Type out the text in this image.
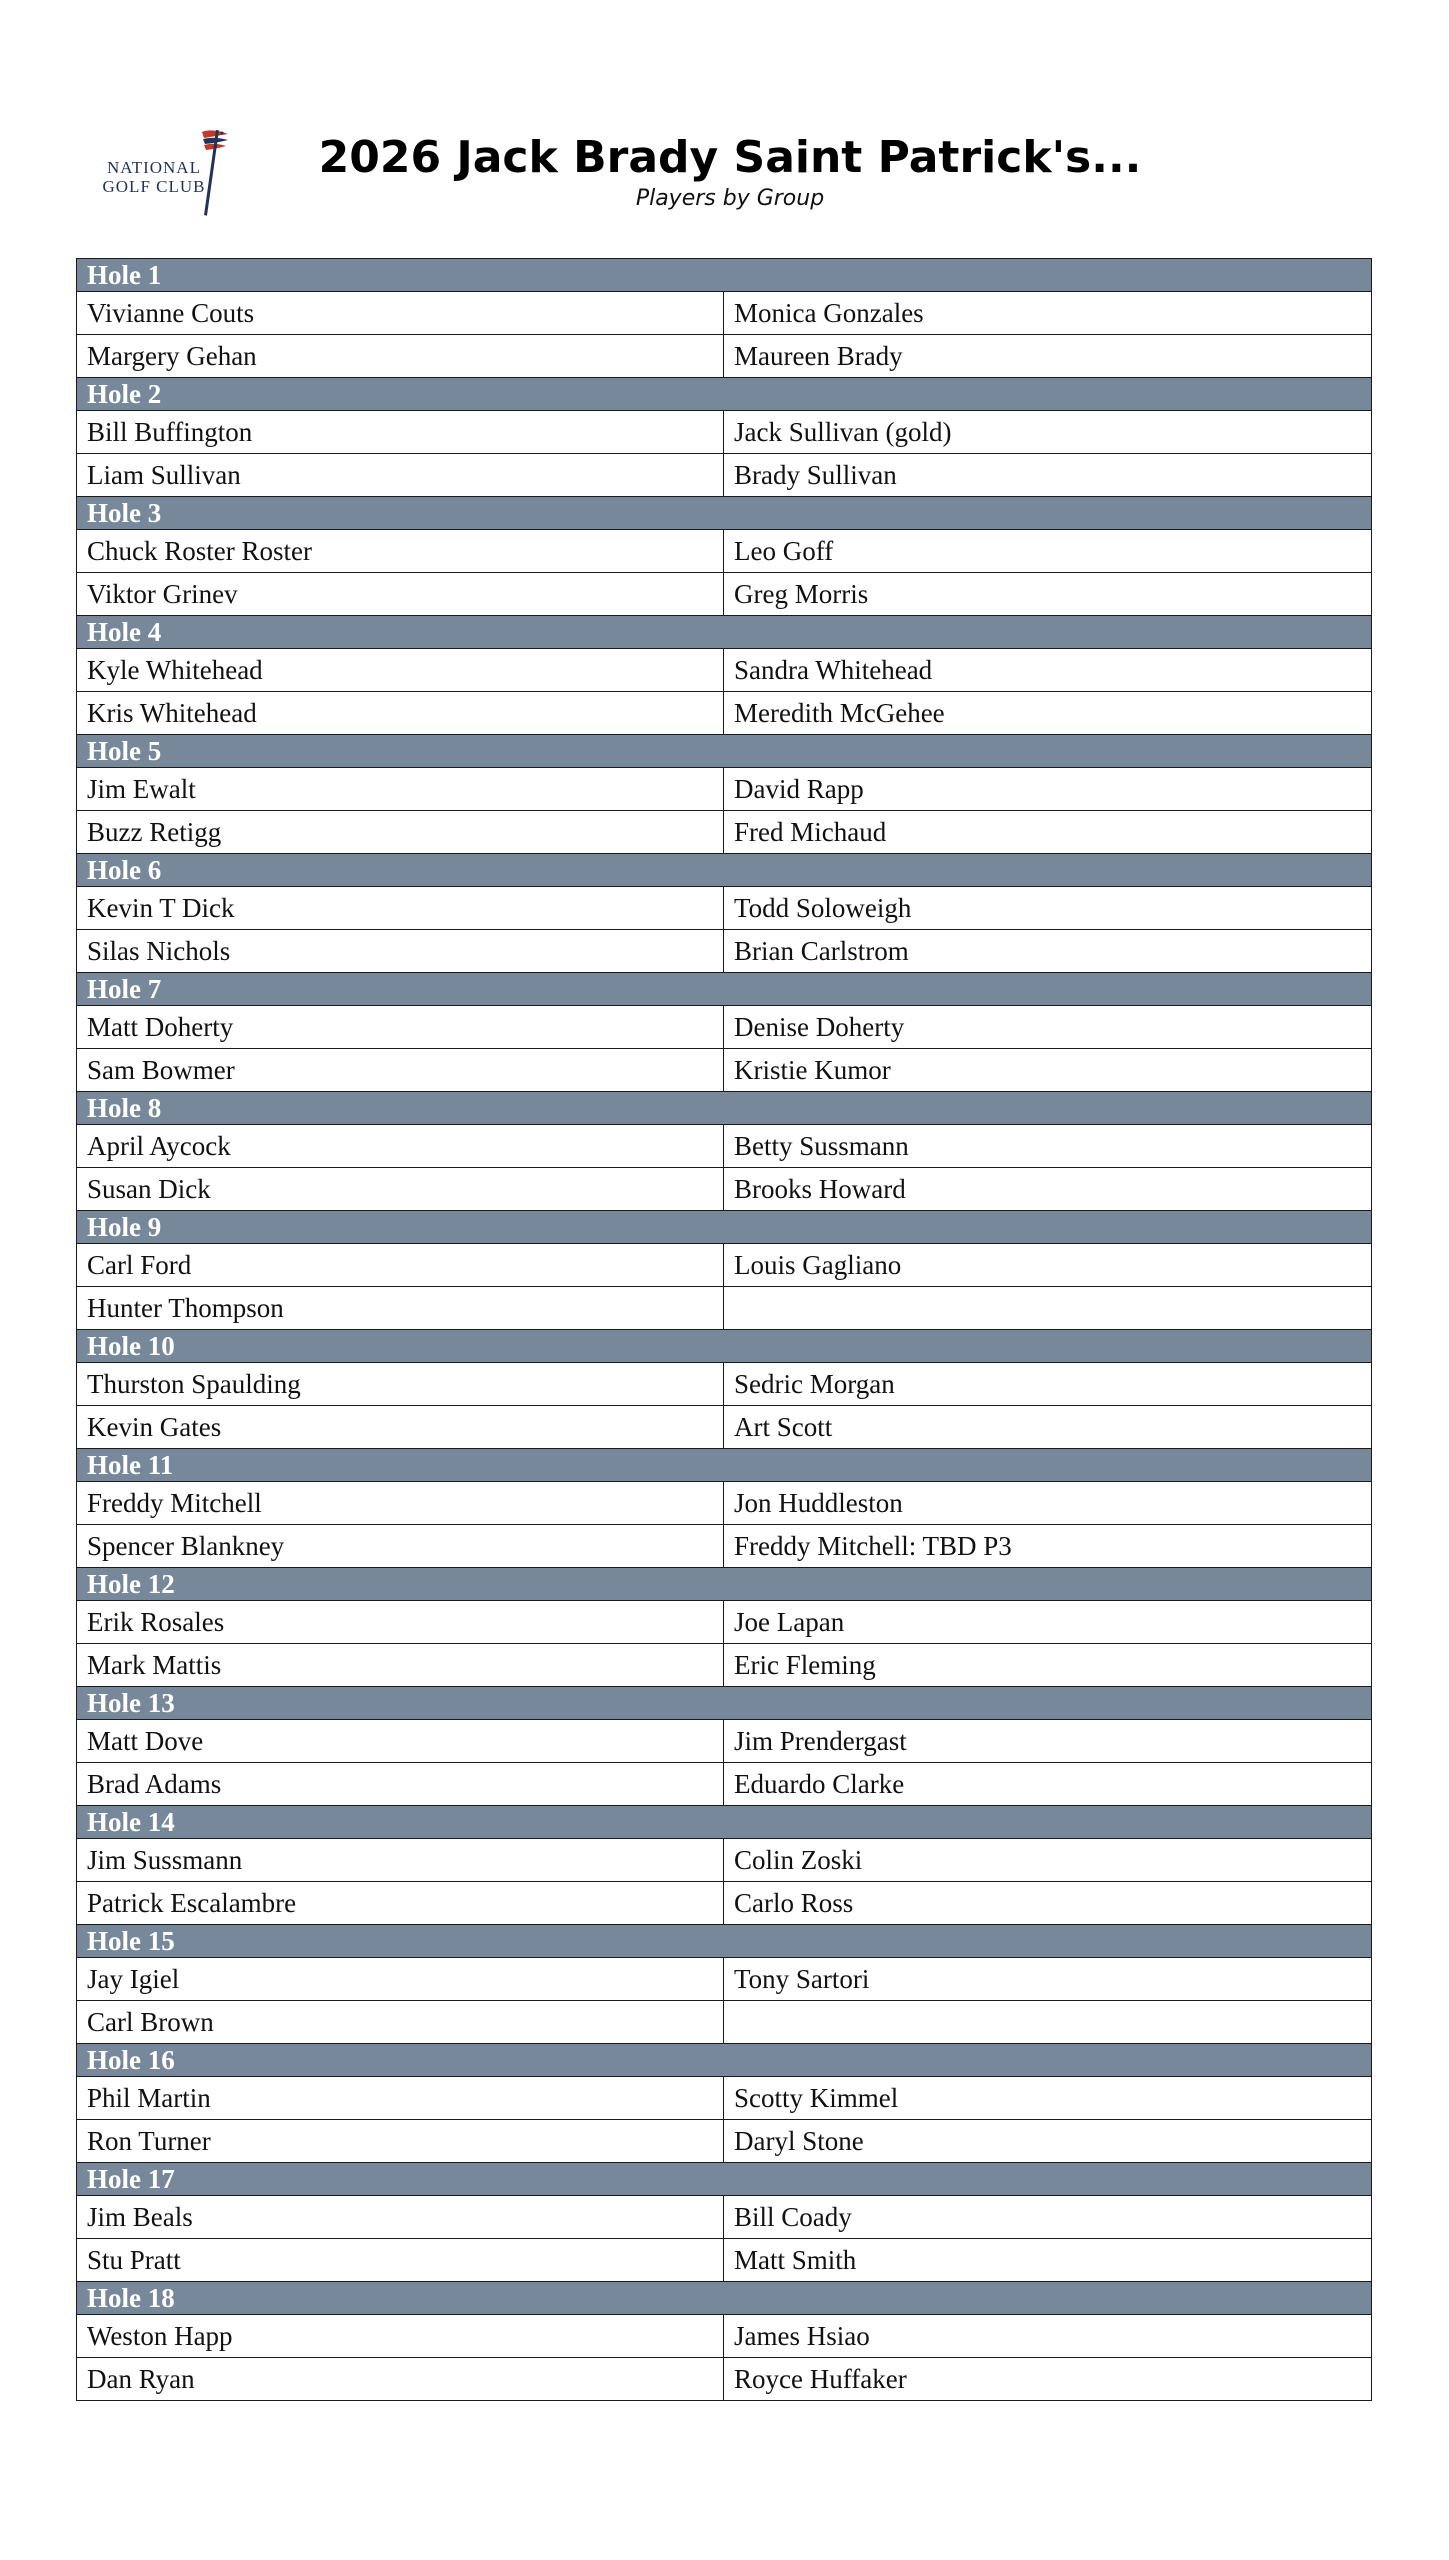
NATIONAL
GOLF CLUB
2026 Jack Brady Saint Patrick's...
Players by Group
Hole 1	
Vivianne Couts	Monica Gonzales
Margery Gehan	Maureen Brady
Hole 2	
Bill Buffington	Jack Sullivan (gold)
Liam Sullivan	Brady Sullivan
Hole 3	
Chuck Roster Roster	Leo Goff
Viktor Grinev	Greg Morris
Hole 4	
Kyle Whitehead	Sandra Whitehead
Kris Whitehead	Meredith McGehee
Hole 5	
Jim Ewalt	David Rapp
Buzz Retigg	Fred Michaud
Hole 6	
Kevin T Dick	Todd Soloweigh
Silas Nichols	Brian Carlstrom
Hole 7	
Matt Doherty	Denise Doherty
Sam Bowmer	Kristie Kumor
Hole 8	
April Aycock	Betty Sussmann
Susan Dick	Brooks Howard
Hole 9	
Carl Ford	Louis Gagliano
Hunter Thompson	
Hole 10	
Thurston Spaulding	Sedric Morgan
Kevin Gates	Art Scott
Hole 11	
Freddy Mitchell	Jon Huddleston
Spencer Blankney	Freddy Mitchell: TBD P3
Hole 12	
Erik Rosales	Joe Lapan
Mark Mattis	Eric Fleming
Hole 13	
Matt Dove	Jim Prendergast
Brad Adams	Eduardo Clarke
Hole 14	
Jim Sussmann	Colin Zoski
Patrick Escalambre	Carlo Ross
Hole 15	
Jay Igiel	Tony Sartori
Carl Brown	
Hole 16	
Phil Martin	Scotty Kimmel
Ron Turner	Daryl Stone
Hole 17	
Jim Beals	Bill Coady
Stu Pratt	Matt Smith
Hole 18	
Weston Happ	James Hsiao
Dan Ryan	Royce Huffaker
